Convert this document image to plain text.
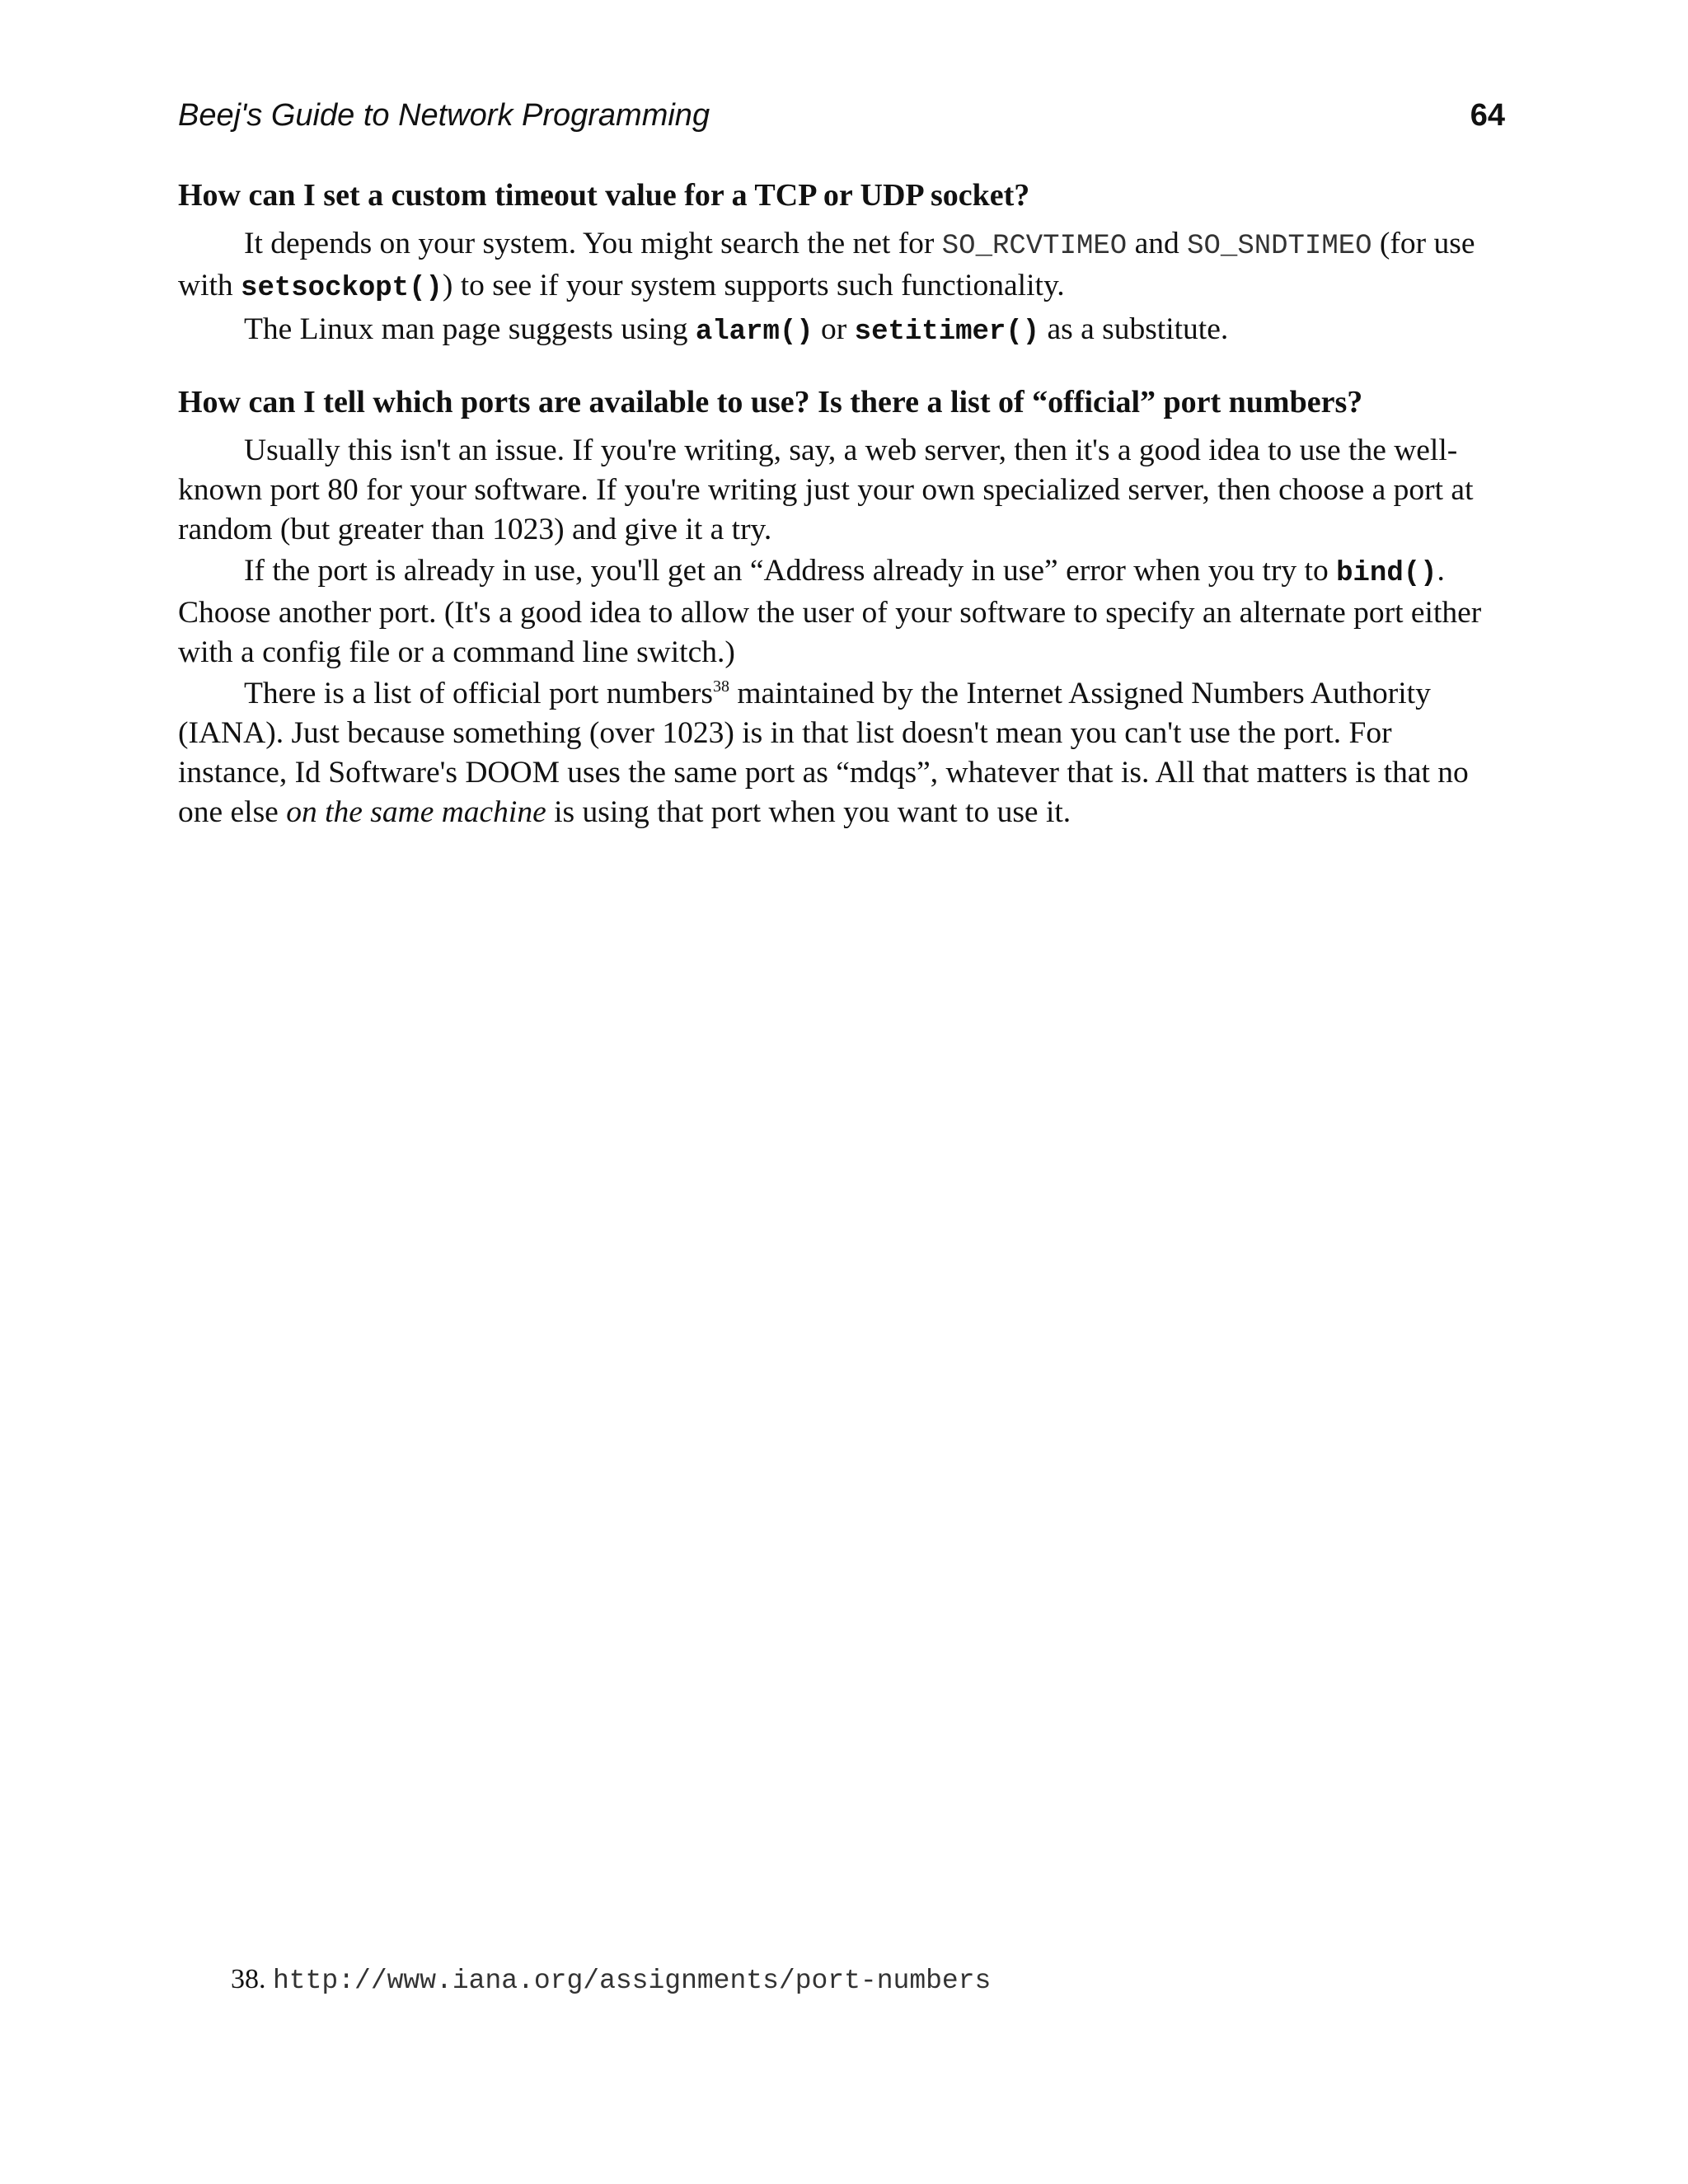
Beej's Guide to Network Programming	64
How can I set a custom timeout value for a TCP or UDP socket?

It depends on your system. You might search the net for SO_RCVTIMEO and SO_SNDTIMEO (for use with setsockopt()) to see if your system supports such functionality.

The Linux man page suggests using alarm() or setitimer() as a substitute.

How can I tell which ports are available to use? Is there a list of “official” port numbers?

Usually this isn't an issue. If you're writing, say, a web server, then it's a good idea to use the well-known port 80 for your software. If you're writing just your own specialized server, then choose a port at random (but greater than 1023) and give it a try.

If the port is already in use, you'll get an “Address already in use” error when you try to bind(). Choose another port. (It's a good idea to allow the user of your software to specify an alternate port either with a config file or a command line switch.)

There is a list of official port numbers$^{38}$ maintained by the Internet Assigned Numbers Authority (IANA). Just because something (over 1023) is in that list doesn't mean you can't use the port. For instance, Id Software's DOOM uses the same port as “mdqs”, whatever that is. All that matters is that no one else on the same machine is using that port when you want to use it.

38. http://www.iana.org/assignments/port-numbers
